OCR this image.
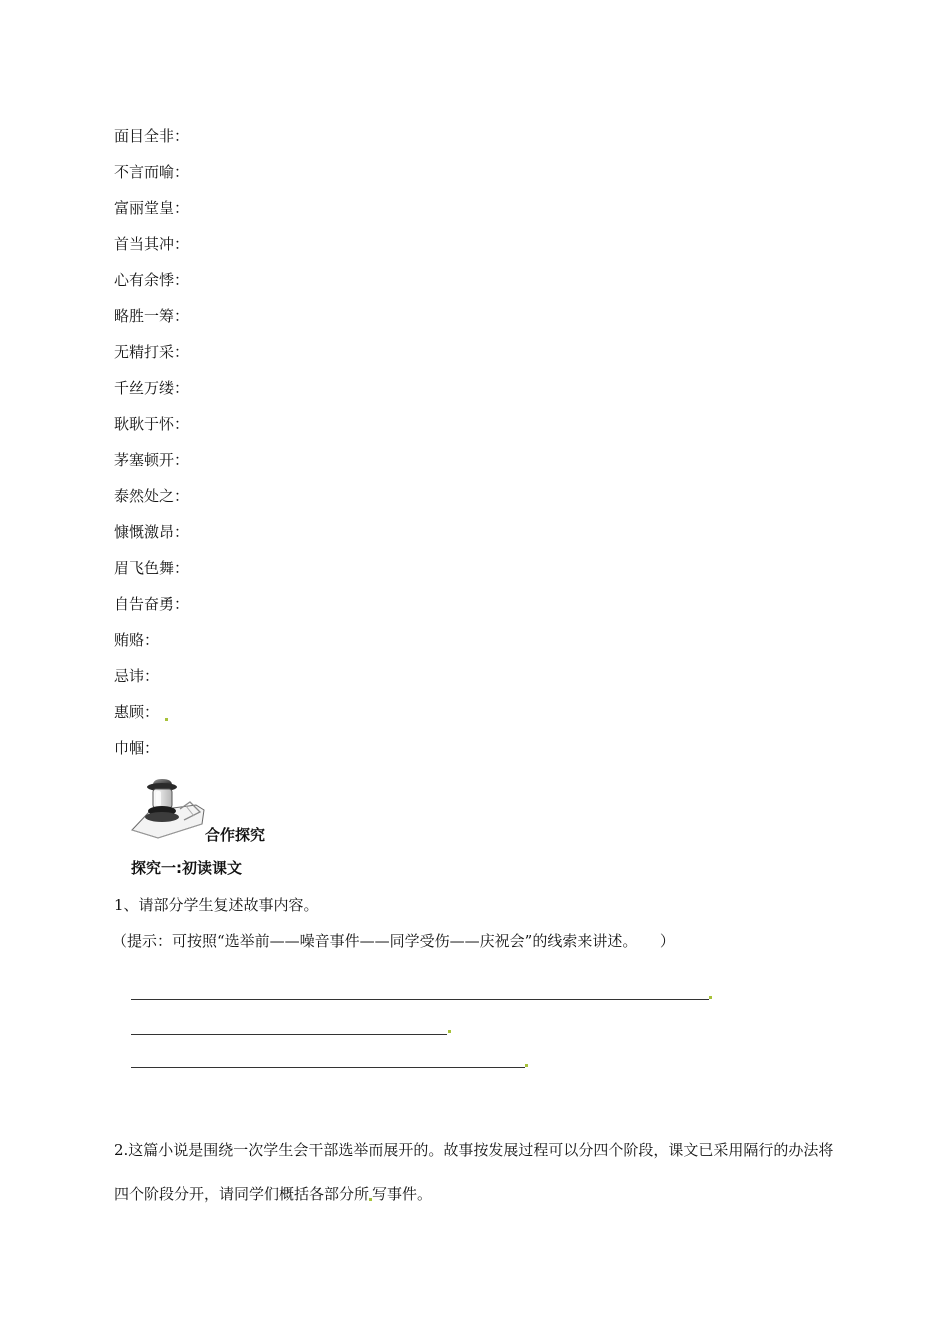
面目全非：
不言而喻：
富丽堂皇：
首当其冲：
心有余悸：
略胜一筹：
无精打采：
千丝万缕：
耿耿于怀：
茅塞顿开：
泰然处之：
慷慨激昂：
眉飞色舞：
自告奋勇：
贿赂：
忌讳：
惠顾：
巾帼：
合作探究
探究一:初读课文
1、请部分学生复述故事内容。
（提示：可按照“选举前——噪音事件——同学受伤——庆祝会”的线索来讲述。　　）

2.这篇小说是围绕一次学生会干部选举而展开的。故事按发展过程可以分四个阶段，课文已采用隔行的办法将四个阶段分开，请同学们概括各部分所 写事件。
